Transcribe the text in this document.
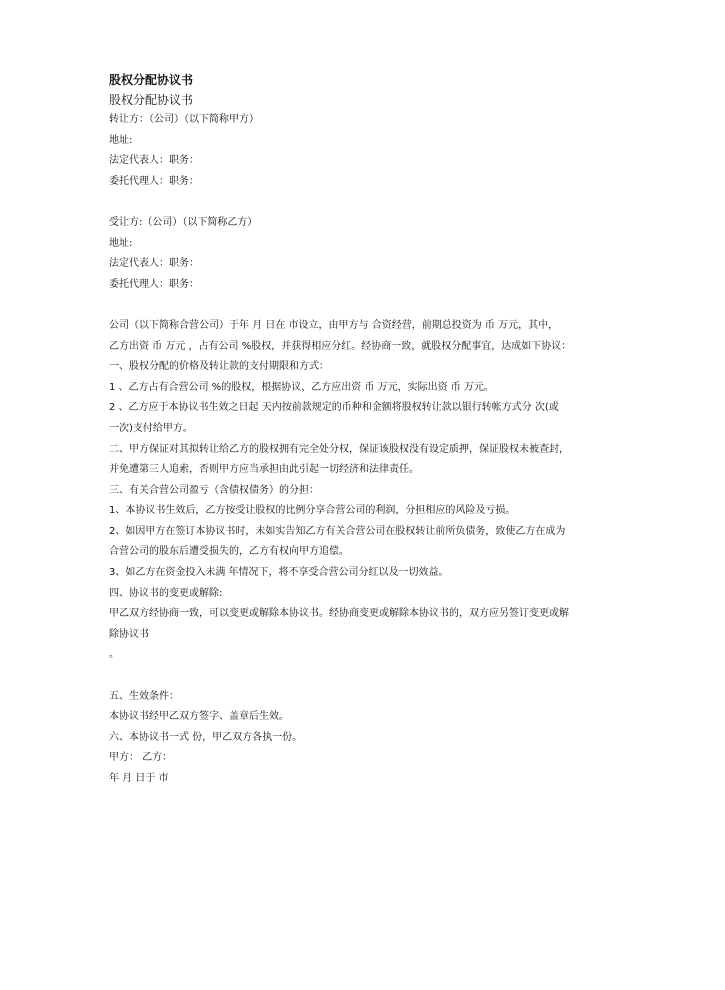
股权分配协议书
股权分配协议书
转让方：（公司）（以下简称甲方）
地址:
法定代表人：职务：
委托代理人：职务：
受让方:（公司）（以下简称乙方）
地址:
法定代表人：职务：
委托代理人：职务：
公司（以下简称合营公司）于年 月 日在 市设立，由甲方与 合资经营，前期总投资为 币 万元，其中，
乙方出资 币 万元 ，占有公司 %股权，并获得相应分红。经协商一致，就股权分配事宜，达成如下协议：
一、股权分配的价格及转让款的支付期限和方式：
1 、乙方占有合营公司 %的股权，根据协议，乙方应出资 币 万元，实际出资 币 万元。
2 、乙方应于本协议书生效之日起 天内按前款规定的币种和金额将股权转让款以银行转帐方式分 次(或
一次)支付给甲方。
二、甲方保证对其拟转让给乙方的股权拥有完全处分权，保证该股权没有设定质押，保证股权未被查封，
并免遭第三人追索，否则甲方应当承担由此引起一切经济和法律责任。
三、有关合营公司盈亏（含债权债务）的分担：
1、本协议书生效后，乙方按受让股权的比例分享合营公司的利润，分担相应的风险及亏损。
2、如因甲方在签订本协议书时，未如实告知乙方有关合营公司在股权转让前所负债务，致使乙方在成为
合营公司的股东后遭受损失的，乙方有权向甲方追偿。
3、如乙方在资金投入未满 年情况下，将不享受合营公司分红以及一切效益。
四、协议书的变更或解除:
甲乙双方经协商一致，可以变更或解除本协议书。经协商变更或解除本协议书的，双方应另签订变更或解
除协议书
。
五、生效条件：
本协议书经甲乙双方签字、盖章后生效。
六、本协议书一式 份，甲乙双方各执一份。
甲方： 乙方：
年 月 日于 市
